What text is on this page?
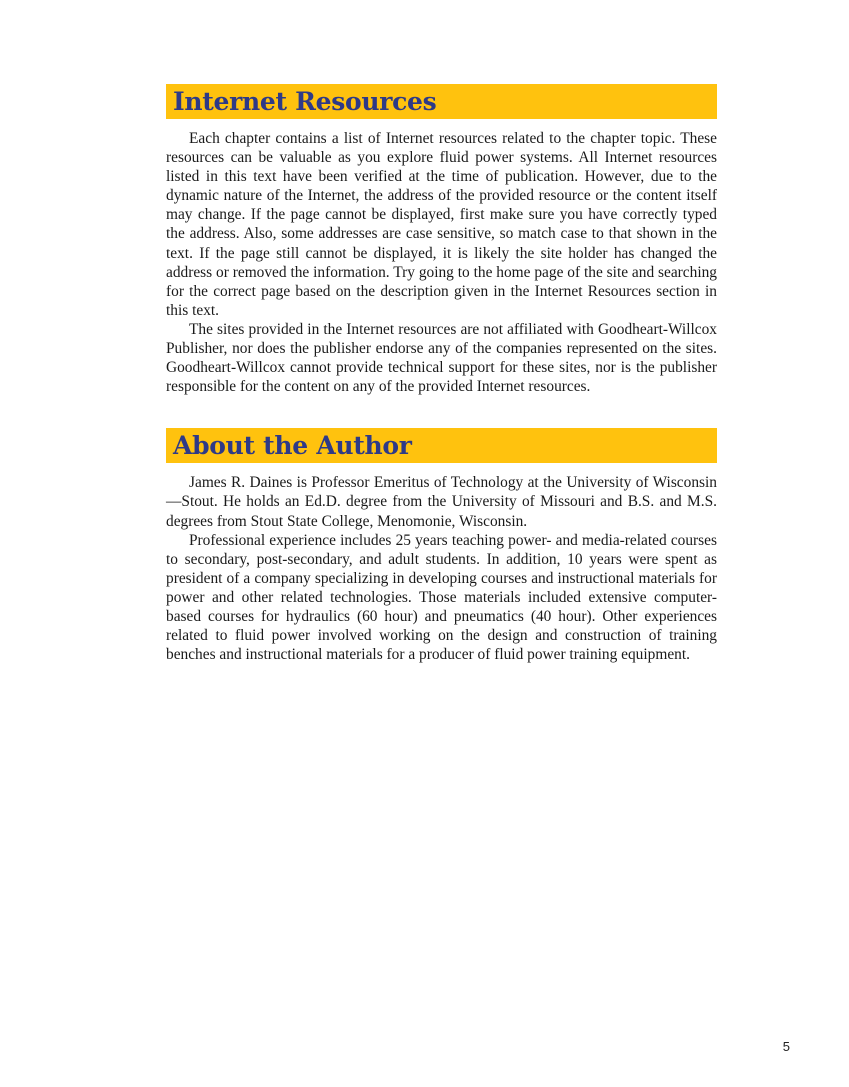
Internet Resources

Each chapter contains a list of Internet resources related to the chapter topic. These resources can be valuable as you explore fluid power systems. All Internet resources listed in this text have been verified at the time of publication. However, due to the dynamic nature of the Internet, the address of the provided resource or the content itself may change. If the page cannot be displayed, first make sure you have correctly typed the address. Also, some addresses are case sensitive, so match case to that shown in the text. If the page still cannot be displayed, it is likely the site holder has changed the address or removed the information. Try going to the home page of the site and searching for the correct page based on the description given in the Internet Resources section in this text.

The sites provided in the Internet resources are not affiliated with Goodheart-Willcox Publisher, nor does the publisher endorse any of the companies represented on the sites. Goodheart-Willcox cannot provide technical support for these sites, nor is the publisher responsible for the content on any of the provided Internet resources.

About the Author

James R. Daines is Professor Emeritus of Technology at the University of Wisconsin—Stout. He holds an Ed.D. degree from the University of Missouri and B.S. and M.S. degrees from Stout State College, Menomonie, Wisconsin.

Professional experience includes 25 years teaching power- and media-related courses to secondary, post-secondary, and adult students. In addition, 10 years were spent as president of a company specializing in developing courses and instructional materials for power and other related technologies. Those materials included extensive computer-based courses for hydraulics (60 hour) and pneumatics (40 hour). Other experiences related to fluid power involved working on the design and construction of training benches and instructional materials for a producer of fluid power training equipment.

5
